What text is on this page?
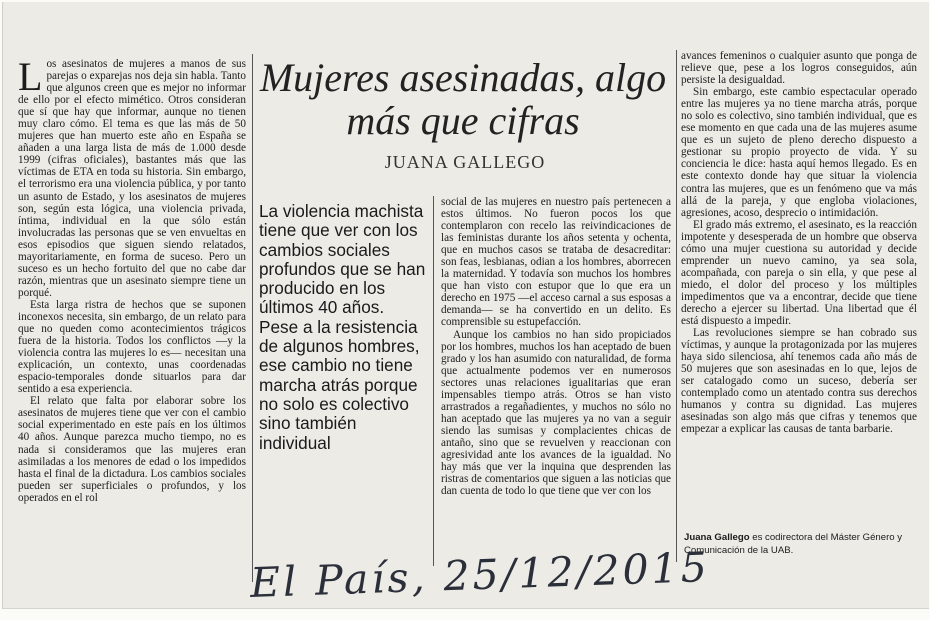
L os asesinatos de mujeres a manos de sus parejas o exparejas nos deja sin habla. Tanto que algunos creen que es mejor no informar de ello por el efecto mimético. Otros consideran que sí que hay que informar, aunque no tienen muy claro cómo. El tema es que las más de 50 mujeres que han muerto este año en España se añaden a una larga lista de más de 1.000 desde 1999 (cifras oficiales), bastantes más que las víctimas de ETA en toda su historia. Sin embargo, el terrorismo era una violencia pública, y por tanto un asunto de Estado, y los asesinatos de mujeres son, según esta lógica, una violencia privada, íntima, individual en la que sólo están involucradas las personas que se ven envueltas en esos episodios que siguen siendo relatados, mayoritariamente, en forma de suceso. Pero un suceso es un hecho fortuito del que no cabe dar razón, mientras que un asesinato siempre tiene un porqué.

Esta larga ristra de hechos que se suponen inconexos necesita, sin embargo, de un relato para que no queden como acontecimientos trágicos fuera de la historia. Todos los conflictos —y la violencia contra las mujeres lo es— necesitan una explicación, un contexto, unas coordenadas espacio-temporales donde situarlos para dar sentido a esa experiencia.

El relato que falta por elaborar sobre los asesinatos de mujeres tiene que ver con el cambio social experimentado en este país en los últimos 40 años. Aunque parezca mucho tiempo, no es nada si consideramos que las mujeres eran asimiladas a los menores de edad o los impedidos hasta el final de la dictadura. Los cambios sociales pueden ser superficiales o profundos, y los operados en el rol

Mujeres asesinadas, algo
más que cifras
JUANA GALLEGO
La violencia machista tiene que ver con los cambios sociales profundos que se han producido en los últimos 40 años. Pese a la resistencia de algunos hombres, ese cambio no tiene marcha atrás porque no solo es colectivo sino también individual

social de las mujeres en nuestro país pertenecen a estos últimos. No fueron pocos los que contemplaron con recelo las reivindicaciones de las feministas durante los años setenta y ochenta, que en muchos casos se trataba de desacreditar: son feas, lesbianas, odian a los hombres, aborrecen la maternidad. Y todavía son muchos los hombres que han visto con estupor que lo que era un derecho en 1975 —el acceso carnal a sus esposas a demanda— se ha convertido en un delito. Es comprensible su estupefacción.

Aunque los cambios no han sido propiciados por los hombres, muchos los han aceptado de buen grado y los han asumido con naturalidad, de forma que actualmente podemos ver en numerosos sectores unas relaciones igualitarias que eran impensables tiempo atrás. Otros se han visto arrastrados a regañadientes, y muchos no sólo no han aceptado que las mujeres ya no van a seguir siendo las sumisas y complacientes chicas de antaño, sino que se revuelven y reaccionan con agresividad ante los avances de la igualdad. No hay más que ver la inquina que desprenden las ristras de comentarios que siguen a las noticias que dan cuenta de todo lo que tiene que ver con los

avances femeninos o cualquier asunto que ponga de relieve que, pese a los logros conseguidos, aún persiste la desigualdad.

Sin embargo, este cambio espectacular operado entre las mujeres ya no tiene marcha atrás, porque no solo es colectivo, sino también individual, que es ese momento en que cada una de las mujeres asume que es un sujeto de pleno derecho dispuesto a gestionar su propio proyecto de vida. Y su conciencia le dice: hasta aquí hemos llegado. Es en este contexto donde hay que situar la violencia contra las mujeres, que es un fenómeno que va más allá de la pareja, y que engloba violaciones, agresiones, acoso, desprecio o intimidación.

El grado más extremo, el asesinato, es la reacción impotente y desesperada de un hombre que observa cómo una mujer cuestiona su autoridad y decide emprender un nuevo camino, ya sea sola, acompañada, con pareja o sin ella, y que pese al miedo, el dolor del proceso y los múltiples impedimentos que va a encontrar, decide que tiene derecho a ejercer su libertad. Una libertad que él está dispuesto a impedir.

Las revoluciones siempre se han cobrado sus víctimas, y aunque la protagonizada por las mujeres haya sido silenciosa, ahí tenemos cada año más de 50 mujeres que son asesinadas en lo que, lejos de ser catalogado como un suceso, debería ser contemplado como un atentado contra sus derechos humanos y contra su dignidad. Las mujeres asesinadas son algo más que cifras y tenemos que empezar a explicar las causas de tanta barbarie.

Juana Gallego es codirectora del Máster Género y Comunicación de la UAB.
El País, 25/12/2015
